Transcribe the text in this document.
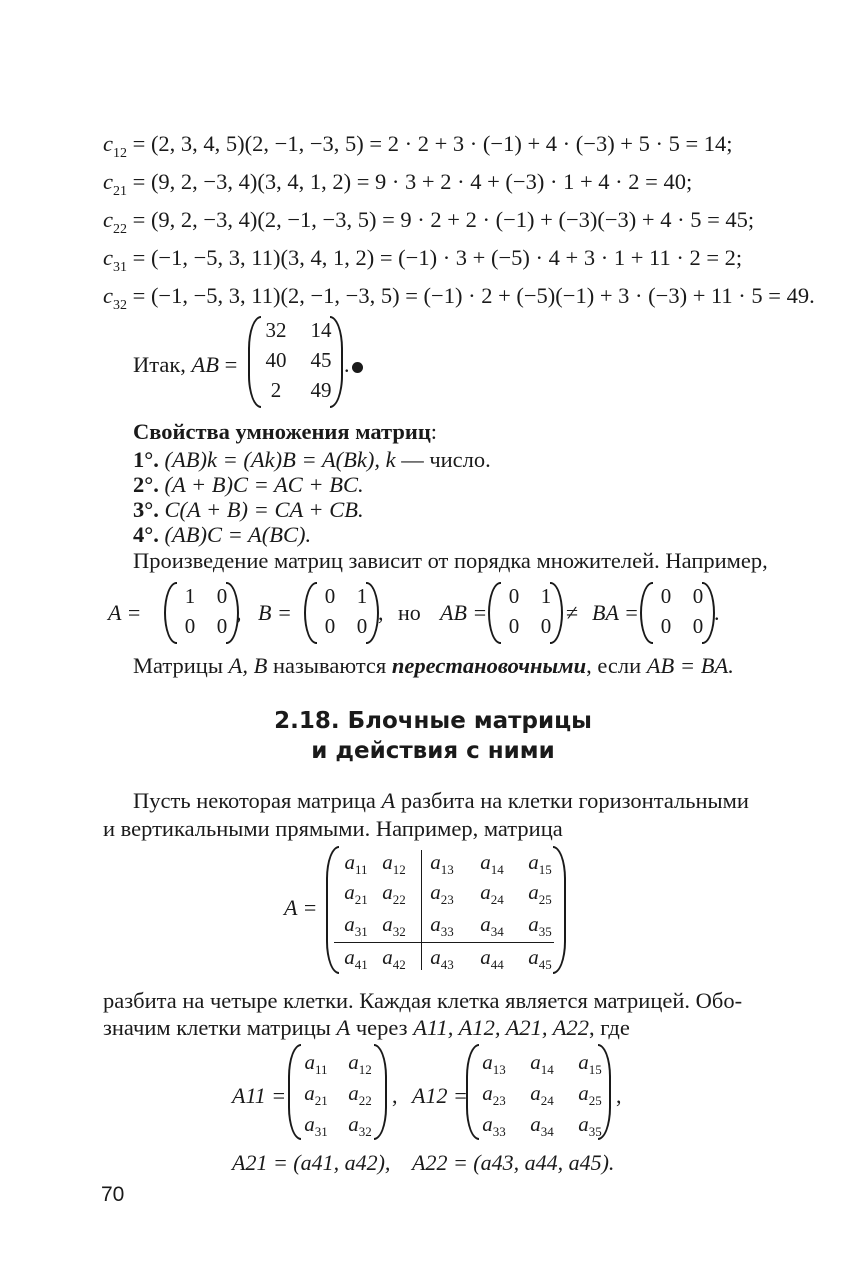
$c_{12} = (2$, 3, 4, 5)(2, −1, −3, 5) = 2 · 2 + 3 · (−1) + 4 · (−3) + 5 · 5 = 14;
$c_{21} = (9$, 2, −3, 4)(3, 4, 1, 2) = 9 · 3 + 2 · 4 + (−3) · 1 + 4 · 2 = 40;
$c_{22} = (9$, 2, −3, 4)(2, −1, −3, 5) = 9 · 2 + 2 · (−1) + (−3)(−3) + 4 · 5 = 45;
$c_{31} = (-1$, −5, 3, 11)(3, 4, 1, 2) = (−1) · 3 + (−5) · 4 + 3 · 1 + 11 · 2 = 2;
$c_{32} = (-1$, −5, 3, 11)(2, −1, −3, 5) = (−1) · 2 + (−5)(−1) + 3 · (−3) + 11 · 5 = 49.
Итак, AB =
32	14
40	45
2	49
.
Свойства умножения матриц:
1°. (AB)k = (Ak)B = A(Bk), k — число.
2°. (A + B)C = AC + BC.
3°. C(A + B) = CA + CB.
4°. (AB)C = A(BC).
Произведение матриц зависит от порядка множителей. Например,
A =
1	0
0	0
B =
0	1
0	0
AB =
0	1
0	0
BA =
0	0
0	0
,	, но	≠	.
Матрицы A, B называются перестановочными, если AB = BA.
2.18. Блочные матрицы
и действия с ними
Пусть некоторая матрица A разбита на клетки горизонтальными
и вертикальными прямыми. Например, матрица
A =
$a_{11}$ $a_{12}$	$a_{13}$	$a_{14}$	$a_{15}$
$a_{21}$ $a_{22}$	$a_{23}$	$a_{24}$	$a_{25}$
$a_{31}$ $a_{32}$	$a_{33}$	$a_{34}$	$a_{35}$
$a_{41}$ $a_{42}$	$a_{43}$	$a_{44}$	$a_{45}$
разбита на четыре клетки. Каждая клетка является матрицей. Обо-
значим клетки матрицы A через A11, A12, A21, A22, где
A11 =	, A12 =	,
$a_{11}$ $a_{12}$
$a_{21}$ $a_{22}$
$a_{31}$ $a_{32}$
$a_{13}$	$a_{14}$	$a_{15}$
$a_{23}$	$a_{24}$	$a_{25}$
$a_{33}$	$a_{34}$	$a_{35}$
A21 = (a41, a42), A22 = (a43, a44, a45).
70
